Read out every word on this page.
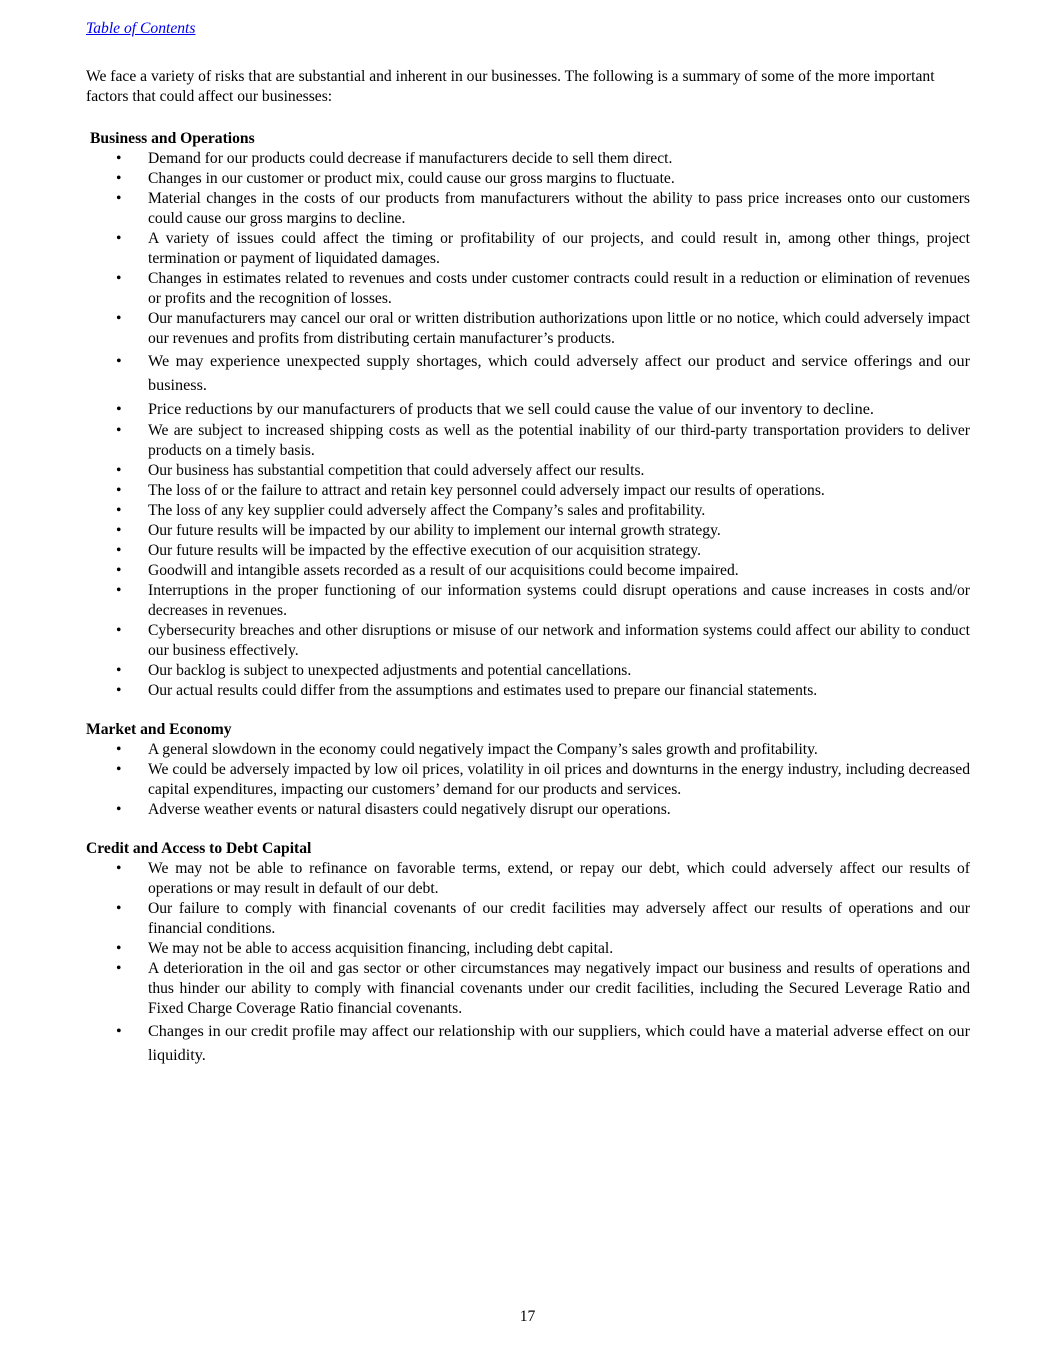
Table of Contents

We face a variety of risks that are substantial and inherent in our businesses. The following is a summary of some of the more important factors that could affect our businesses:

Business and Operations

• Demand for our products could decrease if manufacturers decide to sell them direct.
• Changes in our customer or product mix, could cause our gross margins to fluctuate.
• Material changes in the costs of our products from manufacturers without the ability to pass price increases onto our customers could cause our gross margins to decline.
• A variety of issues could affect the timing or profitability of our projects, and could result in, among other things, project termination or payment of liquidated damages.
• Changes in estimates related to revenues and costs under customer contracts could result in a reduction or elimination of revenues or profits and the recognition of losses.
• Our manufacturers may cancel our oral or written distribution authorizations upon little or no notice, which could adversely impact our revenues and profits from distributing certain manufacturer’s products.
• We may experience unexpected supply shortages, which could adversely affect our product and service offerings and our business.
• Price reductions by our manufacturers of products that we sell could cause the value of our inventory to decline.
• We are subject to increased shipping costs as well as the potential inability of our third-party transportation providers to deliver products on a timely basis.
• Our business has substantial competition that could adversely affect our results.
• The loss of or the failure to attract and retain key personnel could adversely impact our results of operations.
• The loss of any key supplier could adversely affect the Company’s sales and profitability.
• Our future results will be impacted by our ability to implement our internal growth strategy.
• Our future results will be impacted by the effective execution of our acquisition strategy.
• Goodwill and intangible assets recorded as a result of our acquisitions could become impaired.
• Interruptions in the proper functioning of our information systems could disrupt operations and cause increases in costs and/or decreases in revenues.
• Cybersecurity breaches and other disruptions or misuse of our network and information systems could affect our ability to conduct our business effectively.
• Our backlog is subject to unexpected adjustments and potential cancellations.
• Our actual results could differ from the assumptions and estimates used to prepare our financial statements.

Market and Economy

• A general slowdown in the economy could negatively impact the Company’s sales growth and profitability.
• We could be adversely impacted by low oil prices, volatility in oil prices and downturns in the energy industry, including decreased capital expenditures, impacting our customers’ demand for our products and services.
• Adverse weather events or natural disasters could negatively disrupt our operations.

Credit and Access to Debt Capital

• We may not be able to refinance on favorable terms, extend, or repay our debt, which could adversely affect our results of operations or may result in default of our debt.
• Our failure to comply with financial covenants of our credit facilities may adversely affect our results of operations and our financial conditions.
• We may not be able to access acquisition financing, including debt capital.
• A deterioration in the oil and gas sector or other circumstances may negatively impact our business and results of operations and thus hinder our ability to comply with financial covenants under our credit facilities, including the Secured Leverage Ratio and Fixed Charge Coverage Ratio financial covenants.
• Changes in our credit profile may affect our relationship with our suppliers, which could have a material adverse effect on our liquidity.
17
